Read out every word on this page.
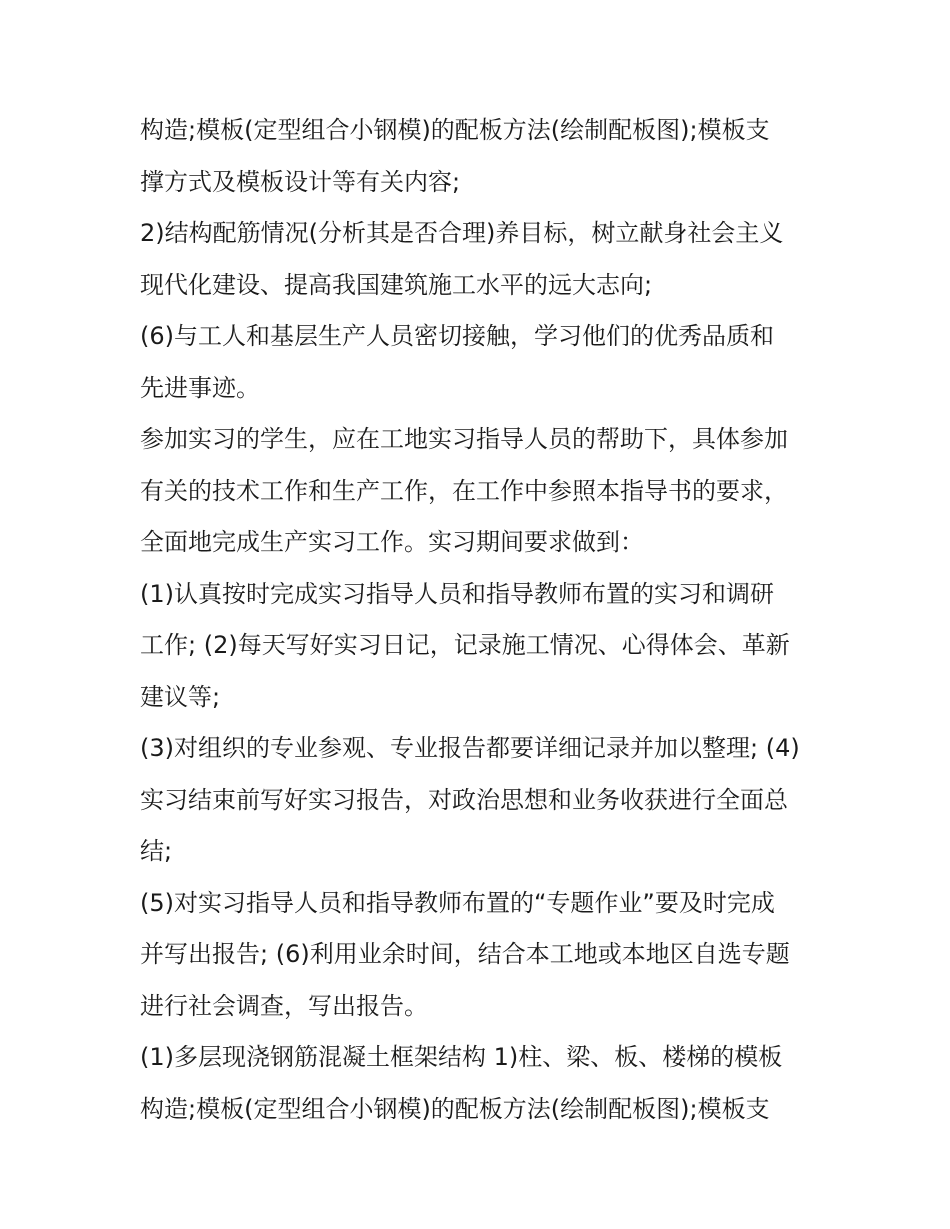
构造;模板(定型组合小钢模)的配板方法(绘制配板图);模板支
撑方式及模板设计等有关内容;
2)结构配筋情况(分析其是否合理)养目标，树立献身社会主义
现代化建设、提高我国建筑施工水平的远大志向;
(6)与工人和基层生产人员密切接触，学习他们的优秀品质和
先进事迹。
参加实习的学生，应在工地实习指导人员的帮助下，具体参加
有关的技术工作和生产工作，在工作中参照本指导书的要求，
全面地完成生产实习工作。实习期间要求做到：
(1)认真按时完成实习指导人员和指导教师布置的实习和调研
工作; (2)每天写好实习日记，记录施工情况、心得体会、革新
建议等;
(3)对组织的专业参观、专业报告都要详细记录并加以整理; (4)
实习结束前写好实习报告，对政治思想和业务收获进行全面总
结;
(5)对实习指导人员和指导教师布置的“专题作业”要及时完成
并写出报告; (6)利用业余时间，结合本工地或本地区自选专题
进行社会调查，写出报告。
(1)多层现浇钢筋混凝土框架结构 1)柱、梁、板、楼梯的模板
构造;模板(定型组合小钢模)的配板方法(绘制配板图);模板支
